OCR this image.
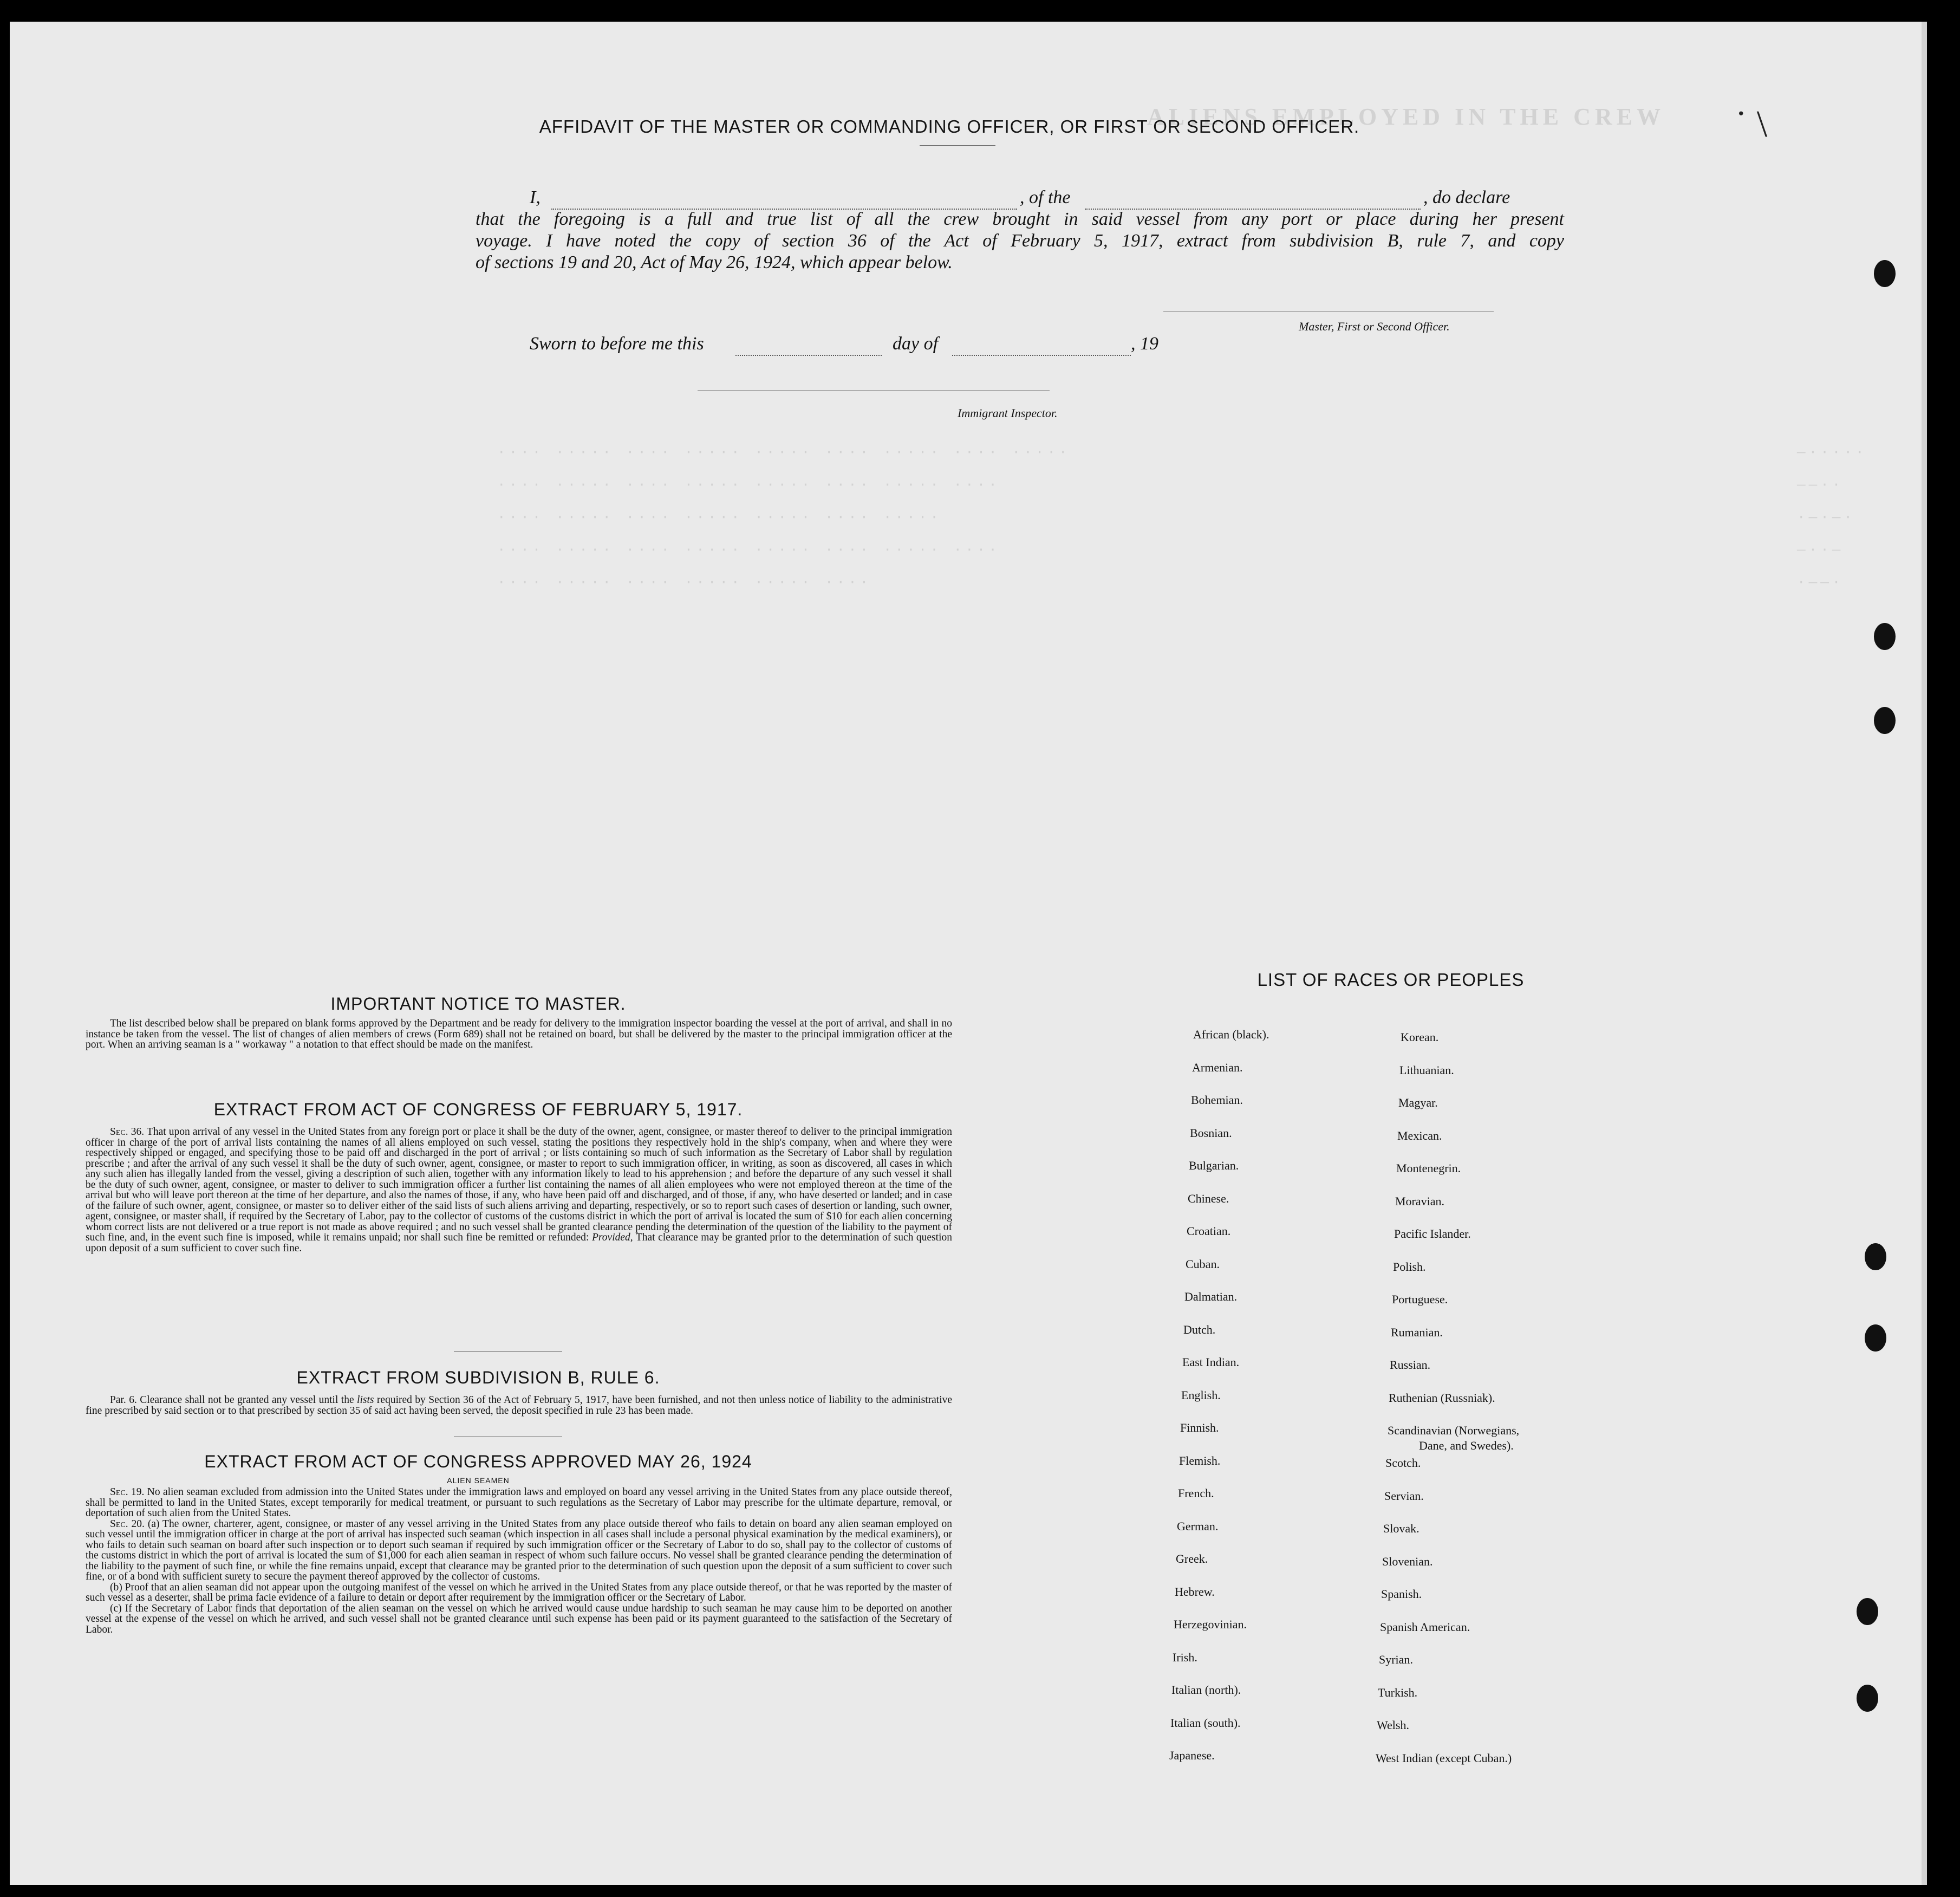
ALIENS EMPLOYED IN THE CREW
—·····
——··
·—·—·
—··—
·——·
···· ····· ···· ····· ····· ···· ····· ···· ·····
···· ····· ···· ····· ····· ···· ····· ····
···· ····· ···· ····· ····· ···· ·····
···· ····· ···· ····· ····· ···· ····· ····
···· ····· ···· ····· ····· ····
AFFIDAVIT OF THE MASTER OR COMMANDING OFFICER, OR FIRST OR SECOND OFFICER.
I,	, of the	, do declare
that the foregoing is a full and true list of all the crew brought in said vessel from any port or place during her present
voyage. I have noted the copy of section 36 of the Act of February 5, 1917, extract from subdivision B, rule 7, and copy
of sections 19 and 20, Act of May 26, 1924, which appear below.
Master, First or Second Officer.
Sworn to before me this	day of	, 19
Immigrant Inspector.
IMPORTANT NOTICE TO MASTER.

The list described below shall be prepared on blank forms approved by the Department and be ready for delivery to the immigration inspector boarding the vessel at the port of arrival, and shall in no instance be taken from the vessel. The list of changes of alien members of crews (Form 689) shall not be retained on board, but shall be delivered by the master to the principal immigration officer at the port. When an arriving seaman is a " workaway " a notation to that effect should be made on the manifest.

EXTRACT FROM ACT OF CONGRESS OF FEBRUARY 5, 1917.

Sec. 36. That upon arrival of any vessel in the United States from any foreign port or place it shall be the duty of the owner, agent, consignee, or master thereof to deliver to the principal immigration officer in charge of the port of arrival lists containing the names of all aliens employed on such vessel, stating the positions they respectively hold in the ship's company, when and where they were respectively shipped or engaged, and specifying those to be paid off and discharged in the port of arrival ; or lists containing so much of such information as the Secretary of Labor shall by regulation prescribe ; and after the arrival of any such vessel it shall be the duty of such owner, agent, consignee, or master to report to such immigration officer, in writing, as soon as discovered, all cases in which any such alien has illegally landed from the vessel, giving a description of such alien, together with any information likely to lead to his apprehension ; and before the departure of any such vessel it shall be the duty of such owner, agent, consignee, or master to deliver to such immigration officer a further list containing the names of all alien employees who were not employed thereon at the time of the arrival but who will leave port thereon at the time of her departure, and also the names of those, if any, who have been paid off and discharged, and of those, if any, who have deserted or landed; and in case of the failure of such owner, agent, consignee, or master so to deliver either of the said lists of such aliens arriving and departing, respectively, or so to report such cases of desertion or landing, such owner, agent, consignee, or master shall, if required by the Secretary of Labor, pay to the collector of customs of the customs district in which the port of arrival is located the sum of $10 for each alien concerning whom correct lists are not delivered or a true report is not made as above required ; and no such vessel shall be granted clearance pending the determination of the question of the liability to the payment of such fine, and, in the event such fine is imposed, while it remains unpaid; nor shall such fine be remitted or refunded: Provided, That clearance may be granted prior to the determination of such question upon deposit of a sum sufficient to cover such fine.

EXTRACT FROM SUBDIVISION B, RULE 6.

Par. 6. Clearance shall not be granted any vessel until the lists required by Section 36 of the Act of February 5, 1917, have been furnished, and not then unless notice of liability to the administrative fine prescribed by said section or to that prescribed by section 35 of said act having been served, the deposit specified in rule 23 has been made.

EXTRACT FROM ACT OF CONGRESS APPROVED MAY 26, 1924
ALIEN SEAMEN

Sec. 19. No alien seaman excluded from admission into the United States under the immigration laws and employed on board any vessel arriving in the United States from any place outside thereof, shall be permitted to land in the United States, except temporarily for medical treatment, or pursuant to such regulations as the Secretary of Labor may prescribe for the ultimate departure, removal, or deportation of such alien from the United States.

Sec. 20. (a) The owner, charterer, agent, consignee, or master of any vessel arriving in the United States from any place outside thereof who fails to detain on board any alien seaman employed on such vessel until the immigration officer in charge at the port of arrival has inspected such seaman (which inspection in all cases shall include a personal physical examination by the medical examiners), or who fails to detain such seaman on board after such inspection or to deport such seaman if required by such immigration officer or the Secretary of Labor to do so, shall pay to the collector of customs of the customs district in which the port of arrival is located the sum of $1,000 for each alien seaman in respect of whom such failure occurs. No vessel shall be granted clearance pending the determination of the liability to the payment of such fine, or while the fine remains unpaid, except that clearance may be granted prior to the determination of such question upon the deposit of a sum sufficient to cover such fine, or of a bond with sufficient surety to secure the payment thereof approved by the collector of customs.

(b) Proof that an alien seaman did not appear upon the outgoing manifest of the vessel on which he arrived in the United States from any place outside thereof, or that he was reported by the master of such vessel as a deserter, shall be prima facie evidence of a failure to detain or deport after requirement by the immigration officer or the Secretary of Labor.

(c) If the Secretary of Labor finds that deportation of the alien seaman on the vessel on which he arrived would cause undue hardship to such seaman he may cause him to be deported on another vessel at the expense of the vessel on which he arrived, and such vessel shall not be granted clearance until such expense has been paid or its payment guaranteed to the satisfaction of the Secretary of Labor.

LIST OF RACES OR PEOPLES
African (black).
Armenian.
Bohemian.
Bosnian.
Bulgarian.
Chinese.
Croatian.
Cuban.
Dalmatian.
Dutch.
East Indian.
English.
Finnish.
Flemish.
French.
German.
Greek.
Hebrew.
Herzegovinian.
Irish.
Italian (north).
Italian (south).
Japanese.
Korean.
Lithuanian.
Magyar.
Mexican.
Montenegrin.
Moravian.
Pacific Islander.
Polish.
Portuguese.
Rumanian.
Russian.
Ruthenian (Russniak).
Scandinavian (Norwegians,
Dane, and Swedes).
Scotch.
Servian.
Slovak.
Slovenian.
Spanish.
Spanish American.
Syrian.
Turkish.
Welsh.
West Indian (except Cuban.)
˙ \
